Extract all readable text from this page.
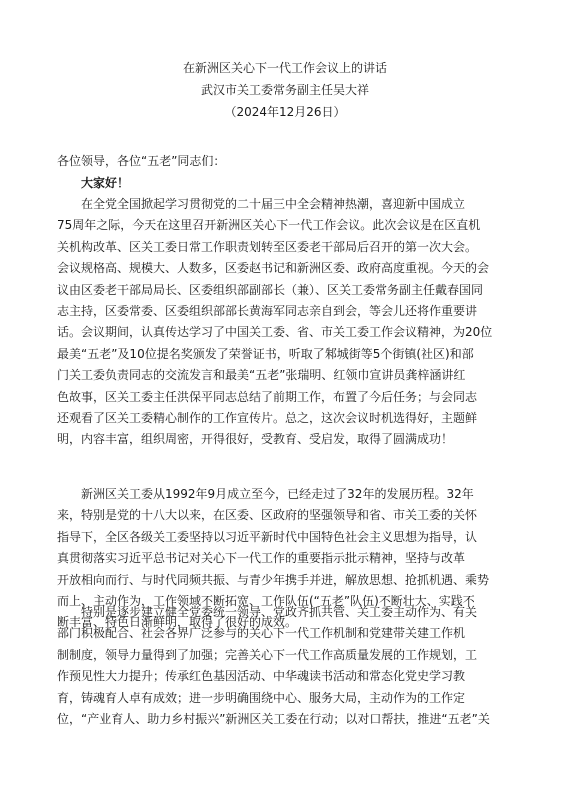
在新洲区关心下一代工作会议上的讲话
武汉市关工委常务副主任吴大祥
（2024年12月26日）
各位领导，各位“五老”同志们：
大家好！
在全党全国掀起学习贯彻党的二十届三中全会精神热潮，喜迎新中国成立
75周年之际，今天在这里召开新洲区关心下一代工作会议。此次会议是在区直机
关机构改革、区关工委日常工作职责划转至区委老干部局后召开的第一次大会。
会议规格高、规模大、人数多，区委赵书记和新洲区委、政府高度重视。今天的会
议由区委老干部局局长、区委组织部副部长（兼）、区关工委常务副主任戴春国同
志主持，区委常委、区委组织部部长黄海军同志亲自到会，等会儿还将作重要讲
话。会议期间，认真传达学习了中国关工委、省、市关工委工作会议精神，为20位
最美“五老”及10位提名奖颁发了荣誉证书，听取了邾城街等5个街镇(社区)和部
门关工委负责同志的交流发言和最美“五老”张瑞明、红领巾宣讲员龚梓涵讲红
色故事，区关工委主任洪保平同志总结了前期工作，布置了今后任务；与会同志
还观看了区关工委精心制作的工作宣传片。总之，这次会议时机选得好，主题鲜
明，内容丰富，组织周密，开得很好，受教育、受启发，取得了圆满成功！
新洲区关工委从1992年9月成立至今，已经走过了32年的发展历程。32年
来，特别是党的十八大以来，在区委、区政府的坚强领导和省、市关工委的关怀
指导下，全区各级关工委坚持以习近平新时代中国特色社会主义思想为指导，认
真贯彻落实习近平总书记对关心下一代工作的重要指示批示精神，坚持与改革
开放相向而行、与时代同频共振、与青少年携手并进，解放思想、抢抓机遇、乘势
而上、主动作为，工作领域不断拓宽、工作队伍(“五老”队伍)不断壮大、实践不
断丰富、特色日渐鲜明，取得了很好的成效。
特别是逐步建立健全党委统一领导、党政齐抓共管、关工委主动作为、有关
部门积极配合、社会各界广泛参与的关心下一代工作机制和党建带关建工作机
制制度，领导力量得到了加强；完善关心下一代工作高质量发展的工作规划，工
作预见性大力提升；传承红色基因活动、中华魂读书活动和常态化党史学习教
育，铸魂育人卓有成效；进一步明确围绕中心、服务大局，主动作为的工作定
位，“产业育人、助力乡村振兴”新洲区关工委在行动；以对口帮扶，推进“五老”关
